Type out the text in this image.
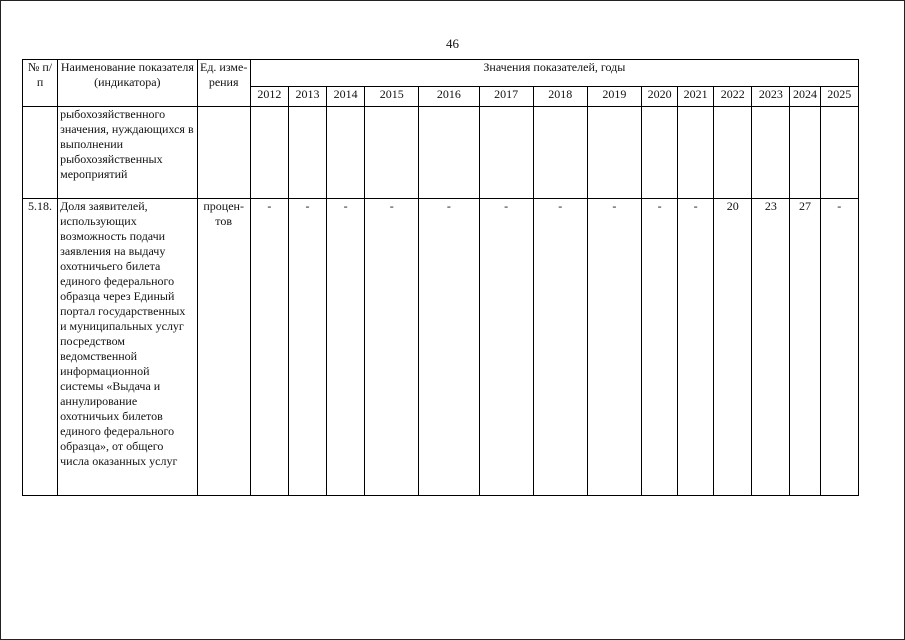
46
№ п/п	Наименование показателя (индикатора)	Ед. изме-рения	Значения показателей, годы													
			2012	2013	2014	2015	2016	2017	2018	2019	2020	2021	2022	2023	2024	2025
	рыбохозяйственного значения, нуждающихся в выполнении рыбохозяйственных мероприятий															
5.18.	Доля заявителей, использующих возможность подачи заявления на выдачу охотничьего билета единого федерального образца через Единый портал государственных и муниципальных услуг посредством ведомственной информационной системы «Выдача и аннулирование охотничьих билетов единого федерального образца», от общего числа оказанных услуг	процен-тов	-	-	-	-	-	-	-	-	-	-	20	23	27	-
